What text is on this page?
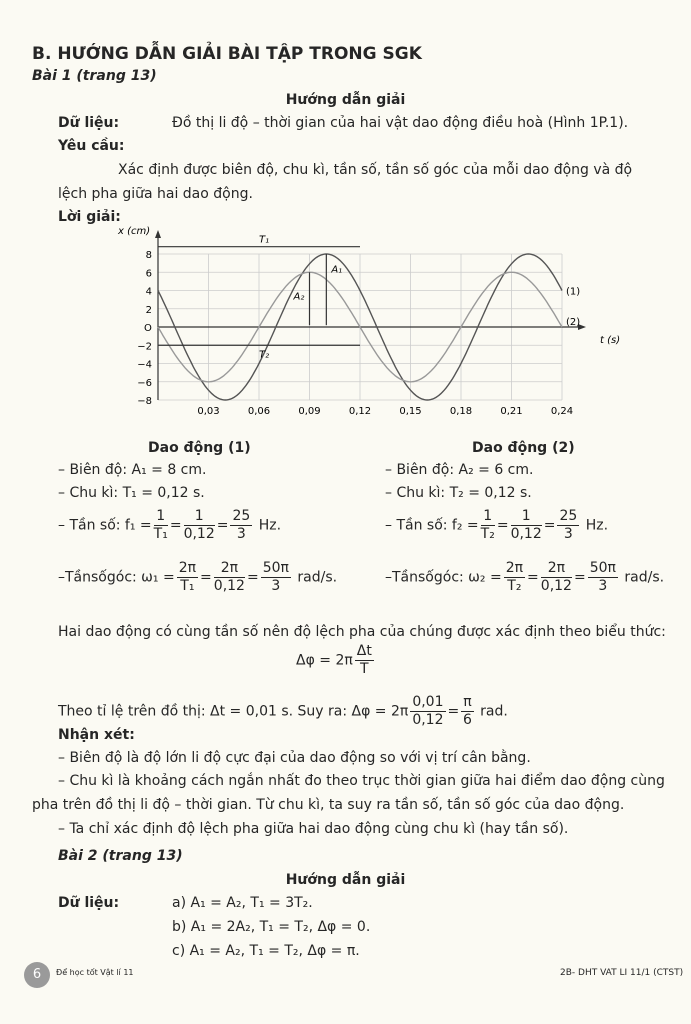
B. HƯỚNG DẪN GIẢI BÀI TẬP TRONG SGK
Bài 1 (trang 13)
Hướng dẫn giải
Dữ liệu:	Đồ thị li độ – thời gian của hai vật dao động điều hoà (Hình 1P.1).
Yêu cầu:
Xác định được biên độ, chu kì, tần số, tần số góc của mỗi dao động và độ
lệch pha giữa hai dao động.
Lời giải:
x (cm)
t (s)
O
8
6
4
2
−2
−4
−6
−8
0,03	0,06	0,09	0,12	0,15	0,18	0,21	0,24
(1)
(2)
T₁
T₂
A₁
A₂
Dao động (1)
– Biên độ: A₁ = 8 cm.
– Chu kì: T₁ = 0,12 s.
– Tần số: $f_1 = \frac{1}{\text{T₁}} = \frac{1}{0,12} = \frac{25}{3} Hz$.
–Tầnsốgóc: $\omega_1 = \frac{2\pi}{\text{T₁}} = \frac{2\pi}{0,12} = \frac{50\pi}{3} rad/s$.
Dao động (2)
– Biên độ: A₂ = 6 cm.
– Chu kì: T₂ = 0,12 s.
– Tần số: $f_2 = \frac{1}{\text{T₂}} = \frac{1}{0,12} = \frac{25}{3} Hz$.
–Tầnsốgóc: $\omega_2 = \frac{2\pi}{\text{T₂}} = \frac{2\pi}{0,12} = \frac{50\pi}{3} rad/s$.
Hai dao động có cùng tần số nên độ lệch pha của chúng được xác định theo biểu thức:
$\Delta\varphi = 2\pi \frac{\Delta t}{T}$
Theo tỉ lệ trên đồ thị: Δt = 0,01 s. Suy ra: $\Delta\varphi = 2\pi \frac{0,01}{0,12} = \frac{\pi}{6}$ rad.
Nhận xét:
– Biên độ là độ lớn li độ cực đại của dao động so với vị trí cân bằng.
– Chu kì là khoảng cách ngắn nhất đo theo trục thời gian giữa hai điểm dao động cùng
pha trên đồ thị li độ – thời gian. Từ chu kì, ta suy ra tần số, tần số góc của dao động.
– Ta chỉ xác định độ lệch pha giữa hai dao động cùng chu kì (hay tần số).
Bài 2 (trang 13)
Hướng dẫn giải
Dữ liệu:	a) A₁ = A₂, T₁ = 3T₂.
b) A₁ = 2A₂, T₁ = T₂, Δφ = 0.
c) A₁ = A₂, T₁ = T₂, Δφ = π.
6	Để học tốt Vật lí 11	2B- DHT VAT LI 11/1 (CTST)
